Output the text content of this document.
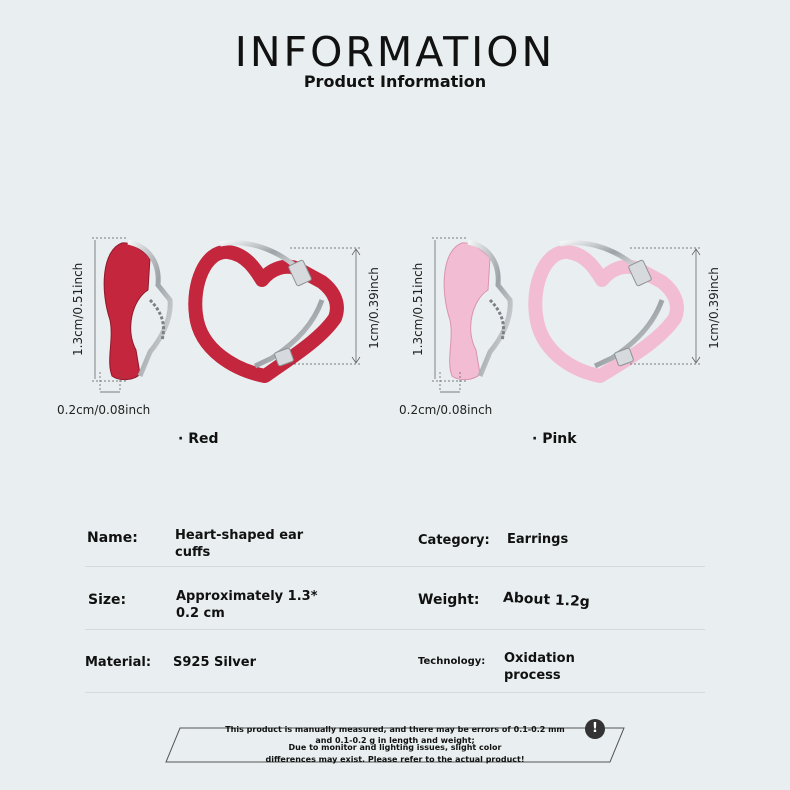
INFORMATION
Product Information
1.3cm/0.51inch
0.2cm/0.08inch
1cm/0.39inch	1.3cm/0.51inch
0.2cm/0.08inch
1cm/0.39inch
· Red	· Pink
Name:	Heart-shaped ear
cuffs
Category: Earrings
Size:	Approximately 1.3*
0.2 cm
Weight: About 1.2g
Material: S925 Silver	Technology: Oxidation
process
!
This product is manually measured, and there may be errors of 0.1-0.2 mm
and 0.1-0.2 g in length and weight;
Due to monitor and lighting issues, slight color
differences may exist. Please refer to the actual product!
